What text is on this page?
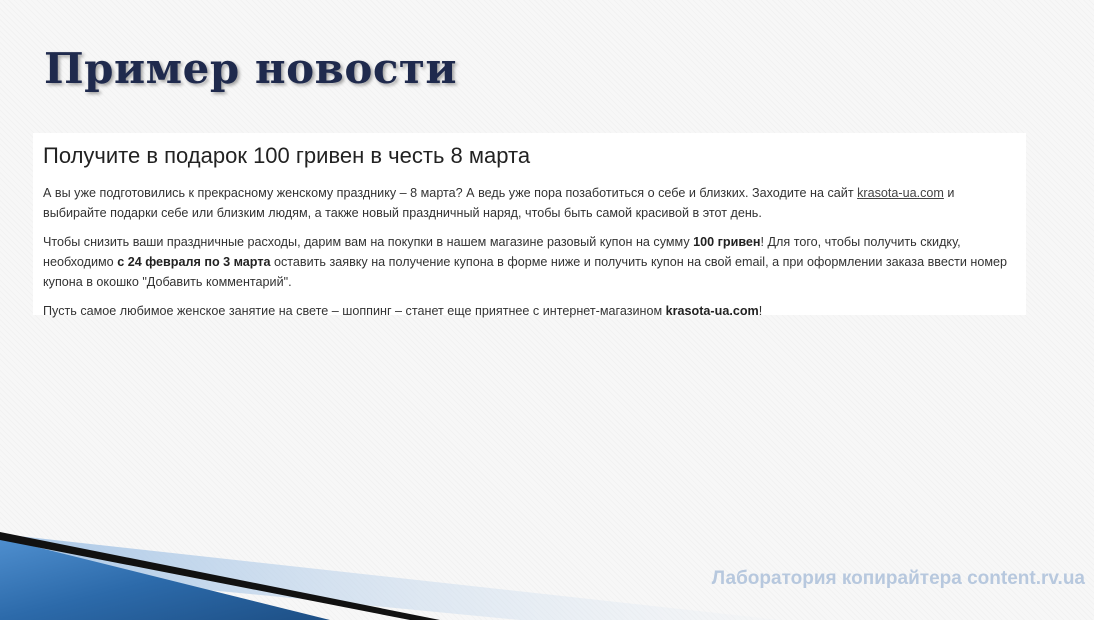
Пример новости
Получите в подарок 100 гривен в честь 8 марта

А вы уже подготовились к прекрасному женскому празднику – 8 марта? А ведь уже пора позаботиться о себе и близких. Заходите на сайт krasota-ua.com и выбирайте подарки себе или близким людям, а также новый праздничный наряд, чтобы быть самой красивой в этот день.

Чтобы снизить ваши праздничные расходы, дарим вам на покупки в нашем магазине разовый купон на сумму 100 гривен! Для того, чтобы получить скидку, необходимо с 24 февраля по 3 марта оставить заявку на получение купона в форме ниже и получить купон на свой email, а при оформлении заказа ввести номер купона в окошко "Добавить комментарий".

Пусть самое любимое женское занятие на свете – шоппинг – станет еще приятнее с интернет-магазином krasota-ua.com!

Лаборатория копирайтера content.rv.ua
